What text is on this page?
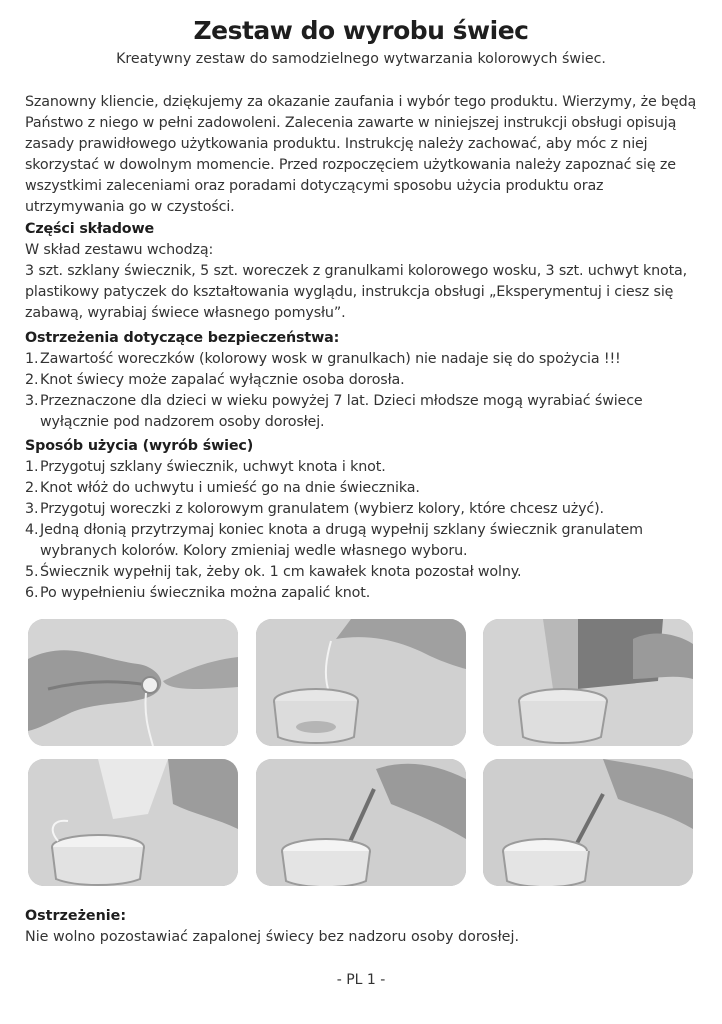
Zestaw do wyrobu świec
Kreatywny zestaw do samodzielnego wytwarzania kolorowych świec.
Szanowny kliencie, dziękujemy za okazanie zaufania i wybór tego produktu. Wierzymy, że będą Państwo z niego w pełni zadowoleni. Zalecenia zawarte w niniejszej instrukcji obsługi opisują zasady prawidłowego użytkowania produktu. Instrukcję należy zachować, aby móc z niej skorzystać w dowolnym momencie. Przed rozpoczęciem użytkowania należy zapoznać się ze wszystkimi zaleceniami oraz poradami dotyczącymi sposobu użycia produktu oraz utrzymywania go w czystości.
Części składowe
W skład zestawu wchodzą:
3 szt. szklany świecznik, 5 szt. woreczek z granulkami kolorowego wosku, 3 szt. uchwyt knota, plastikowy patyczek do kształtowania wyglądu, instrukcja obsługi „Eksperymentuj i ciesz się zabawą, wyrabiaj świece własnego pomysłu”.
Ostrzeżenia dotyczące bezpieczeństwa:
1. Zawartość woreczków (kolorowy wosk w granulkach) nie nadaje się do spożycia !!!
2. Knot świecy może zapalać wyłącznie osoba dorosła.
3. Przeznaczone dla dzieci w wieku powyżej 7 lat. Dzieci młodsze mogą wyrabiać świece wyłącznie pod nadzorem osoby dorosłej.
Sposób użycia (wyrób świec)
1. Przygotuj szklany świecznik, uchwyt knota i knot.
2. Knot włóż do uchwytu i umieść go na dnie świecznika.
3. Przygotuj woreczki z kolorowym granulatem (wybierz kolory, które chcesz użyć).
4. Jedną dłonią przytrzymaj koniec knota a drugą wypełnij szklany świecznik granulatem wybranych kolorów. Kolory zmieniaj wedle własnego wyboru.
5. Świecznik wypełnij tak, żeby ok. 1 cm kawałek knota pozostał wolny.
6. Po wypełnieniu świecznika można zapalić knot.
Ostrzeżenie:
Nie wolno pozostawiać zapalonej świecy bez nadzoru osoby dorosłej.
- PL 1 -
